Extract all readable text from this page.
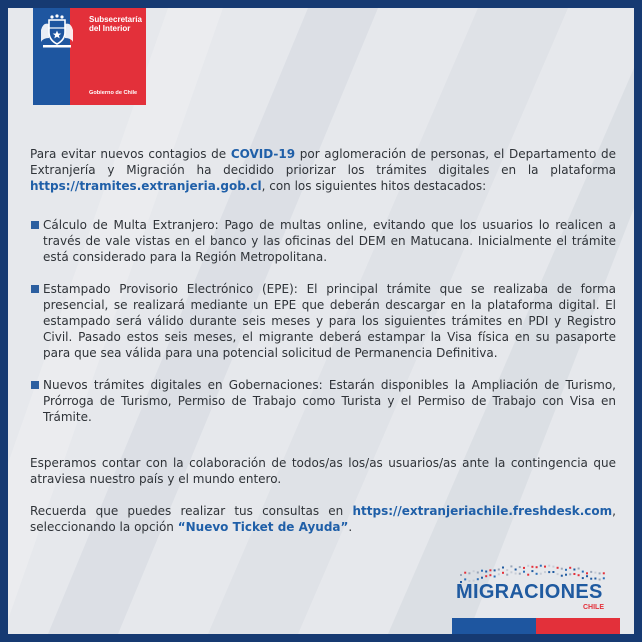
Subsecretaría
del Interior

Gobierno de Chile

Para evitar nuevos contagios de COVID-19 por aglomeración de personas, el Departamento de Extranjería y Migración ha decidido priorizar los trámites digitales en la plataforma https://tramites.extranjeria.gob.cl, con los siguientes hitos destacados:

Cálculo de Multa Extranjero: Pago de multas online, evitando que los usuarios lo realicen a través de vale vistas en el banco y las oficinas del DEM en Matucana. Inicialmente el trámite está considerado para la Región Metropolitana.
Estampado Provisorio Electrónico (EPE): El principal trámite que se realizaba de forma presencial, se realizará mediante un EPE que deberán descargar en la plataforma digital. El estampado será válido durante seis meses y para los siguientes trámites en PDI y Registro Civil. Pasado estos seis meses, el migrante deberá estampar la Visa física en su pasaporte para que sea válida para una potencial solicitud de Permanencia Definitiva.
Nuevos trámites digitales en Gobernaciones: Estarán disponibles la Ampliación de Turismo, Prórroga de Turismo, Permiso de Trabajo como Turista y el Permiso de Trabajo con Visa en Trámite.

Esperamos contar con la colaboración de todos/as los/as usuarios/as ante la contingencia que atraviesa nuestro país y el mundo entero.

Recuerda que puedes realizar tus consultas en https://extranjeriachile.freshdesk.com, seleccionando la opción “Nuevo Ticket de Ayuda”.

MIGRACIONES

CHILE
